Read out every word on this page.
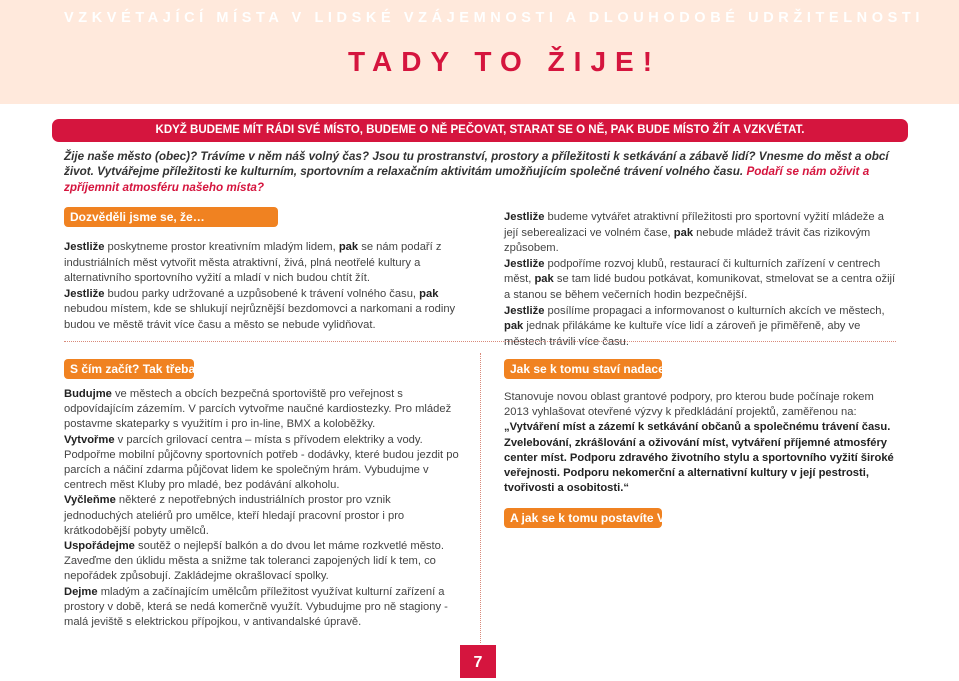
VZKVÉTAJÍCÍ MÍSTA V LIDSKÉ VZÁJEMNOSTI A DLOUHODOBÉ UDRŽITELNOSTI
TADY TO ŽIJE!
KDYŽ BUDEME MÍT RÁDI SVÉ MÍSTO, BUDEME O NĚ PEČOVAT, STARAT SE O NĚ, PAK BUDE MÍSTO ŽÍT A VZKVÉTAT.
Žije naše město (obec)? Trávíme v něm náš volný čas? Jsou tu prostranství, prostory a příležitosti k setkávání a zábavě lidí? Vnesme do měst a obcí život. Vytvářejme příležitosti ke kulturním, sportovním a relaxačním aktivitám umožňujícím společné trávení volného času. Podaří se nám oživit a zpříjemnit atmosféru našeho místa?
Dozvěděli jsme se, že…

Jestliže poskytneme prostor kreativním mladým lidem, pak se nám podaří z industriálních měst vytvořit města atraktivní, živá, plná neotřelé kultury a alternativního sportovního vyžití a mladí v nich budou chtít žít.

Jestliže budou parky udržované a uzpůsobené k trávení volného času, pak nebudou místem, kde se shlukují nejrůznější bezdomovci a narkomani a rodiny budou ve městě trávit více času a město se nebude vylidňovat.

Jestliže budeme vytvářet atraktivní příležitosti pro sportovní vyžití mládeže a její seberealizaci ve volném čase, pak nebude mládež trávit čas rizikovým způsobem.

Jestliže podpoříme rozvoj klubů, restaurací či kulturních zařízení v centrech měst, pak se tam lidé budou potkávat, komunikovat, stmelovat se a centra ožijí a stanou se během večerních hodin bezpečnější.

Jestliže posílíme propagaci a informovanost o kulturních akcích ve městech, pak jednak přilákáme ke kultuře více lidí a zároveň je přiměřeně, aby ve městech trávili více času.

S čím začít? Tak třeba…

Budujme ve městech a obcích bezpečná sportoviště pro veřejnost s odpovídajícím zázemím. V parcích vytvořme naučné kardiostezky. Pro mládež postavme skateparky s využitím i pro in-line, BMX a koloběžky.

Vytvořme v parcích grilovací centra – místa s přívodem elektriky a vody. Podpořme mobilní půjčovny sportovních potřeb - dodávky, které budou jezdit po parcích a náčiní zdarma půjčovat lidem ke společným hrám. Vybudujme v centrech měst Kluby pro mladé, bez podávání alkoholu.

Vyčleňme některé z nepotřebných industriálních prostor pro vznik jednoduchých ateliérů pro umělce, kteří hledají pracovní prostor i pro krátkodobější pobyty umělců.

Uspořádejme soutěž o nejlepší balkón a do dvou let máme rozkvetlé město. Zaveďme den úklidu města a snižme tak toleranci zapojených lidí k tem, co nepořádek způsobují. Zakládejme okrašlovací spolky.

Dejme mladým a začínajícím umělcům příležitost využívat kulturní zařízení a prostory v době, která se nedá komerčně využít. Vybudujme pro ně stagiony - malá jeviště s elektrickou přípojkou, v antivandalské úpravě.

Jak se k tomu staví nadace?

Stanovuje novou oblast grantové podpory, pro kterou bude počínaje rokem 2013 vyhlašovat otevřené výzvy k předkládání projektů, zaměřenou na:

„Vytváření míst a zázemí k setkávání občanů a společnému trávení času. Zvelebování, zkrášlování a oživování míst, vytváření příjemné atmosféry center míst. Podporu zdravého životního stylu a sportovního vyžití široké veřejnosti. Podporu nekomerční a alternativní kultury v její pestrosti, tvořivosti a osobitosti.“

A jak se k tomu postavíte Vy?
7
